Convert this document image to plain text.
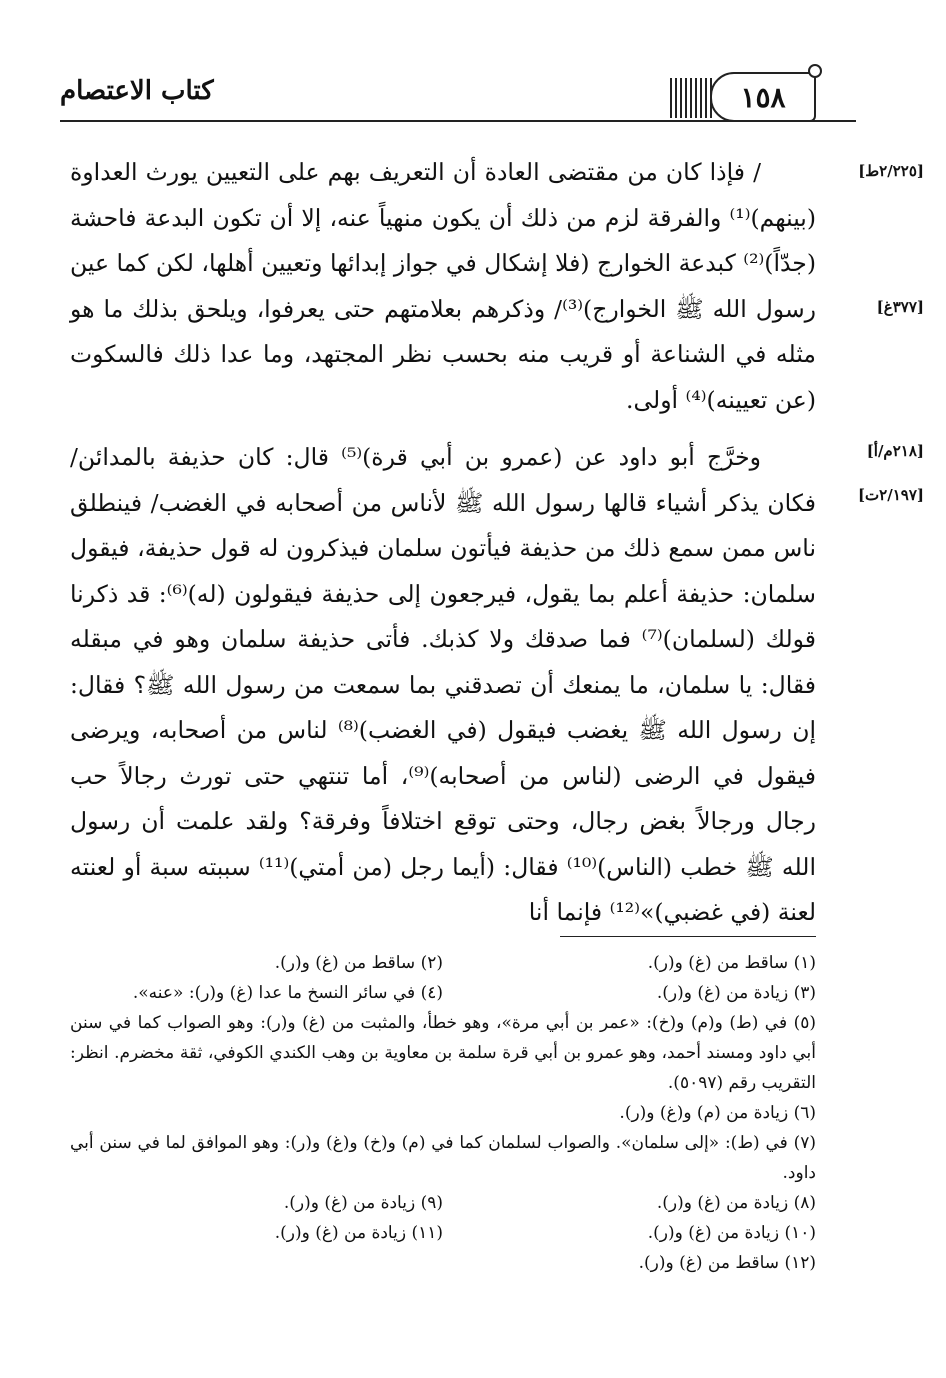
١٥٨
كتاب الاعتصام
[٢/٢٢٥ط]
[٣٧٧غ]
[٢١٨م/أ]
[٢/١٩٧ت]

/ فإذا كان من مقتضى العادة أن التعريف بهم على التعيين يورث العداوة (بينهم)⁽¹⁾ والفرقة لزم من ذلك أن يكون منهياً عنه، إلا أن تكون البدعة فاحشة (جدّاً)⁽²⁾ كبدعة الخوارج (فلا إشكال في جواز إبدائها وتعيين أهلها، لكن كما عين رسول الله ﷺ الخوارج)⁽³⁾/ وذكرهم بعلامتهم حتى يعرفوا، ويلحق بذلك ما هو مثله في الشناعة أو قريب منه بحسب نظر المجتهد، وما عدا ذلك فالسكوت (عن تعيينه)⁽⁴⁾ أولى.

وخرَّج أبو داود عن (عمرو بن أبي قرة)⁽⁵⁾ قال: كان حذيفة بالمدائن/ فكان يذكر أشياء قالها رسول الله ﷺ لأناس من أصحابه في الغضب/ فينطلق ناس ممن سمع ذلك من حذيفة فيأتون سلمان فيذكرون له قول حذيفة، فيقول سلمان: حذيفة أعلم بما يقول، فيرجعون إلى حذيفة فيقولون (له)⁽⁶⁾: قد ذكرنا قولك (لسلمان)⁽⁷⁾ فما صدقك ولا كذبك. فأتى حذيفة سلمان وهو في مبقله فقال: يا سلمان، ما يمنعك أن تصدقني بما سمعت من رسول الله ﷺ؟ فقال: إن رسول الله ﷺ يغضب فيقول (في الغضب)⁽⁸⁾ لناس من أصحابه، ويرضى فيقول في الرضى (لناس من أصحابه)⁽⁹⁾، أما تنتهي حتى تورث رجالاً حب رجال ورجالاً بغض رجال، وحتى توقع اختلافاً وفرقة؟ ولقد علمت أن رسول الله ﷺ خطب (الناس)⁽¹⁰⁾ فقال: (أيما رجل (من أمتي)⁽¹¹⁾ سببته سبة أو لعنته لعنة (في غضبي)»⁽¹²⁾ فإنما أنا

(١) ساقط من (غ) و(ر).
(٢) ساقط من (غ) و(ر).
(٣) زيادة من (غ) و(ر).
(٤) في سائر النسخ ما عدا (غ) و(ر): «عنه».
(٥) في (ط) و(م) و(خ): «عمر بن أبي مرة»، وهو خطأ، والمثبت من (غ) و(ر): وهو الصواب كما في سنن أبي داود ومسند أحمد، وهو عمرو بن أبي قرة سلمة بن معاوية بن وهب الكندي الكوفي، ثقة مخضرم. انظر: التقريب رقم (٥٠٩٧).
(٦) زيادة من (م) و(غ) و(ر).
(٧) في (ط): «إلى سلمان». والصواب لسلمان كما في (م) و(خ) و(غ) و(ر): وهو الموافق لما في سنن أبي داود.
(٨) زيادة من (غ) و(ر).
(٩) زيادة من (غ) و(ر).
(١٠) زيادة من (غ) و(ر).
(١١) زيادة من (غ) و(ر).
(١٢) ساقط من (غ) و(ر).
